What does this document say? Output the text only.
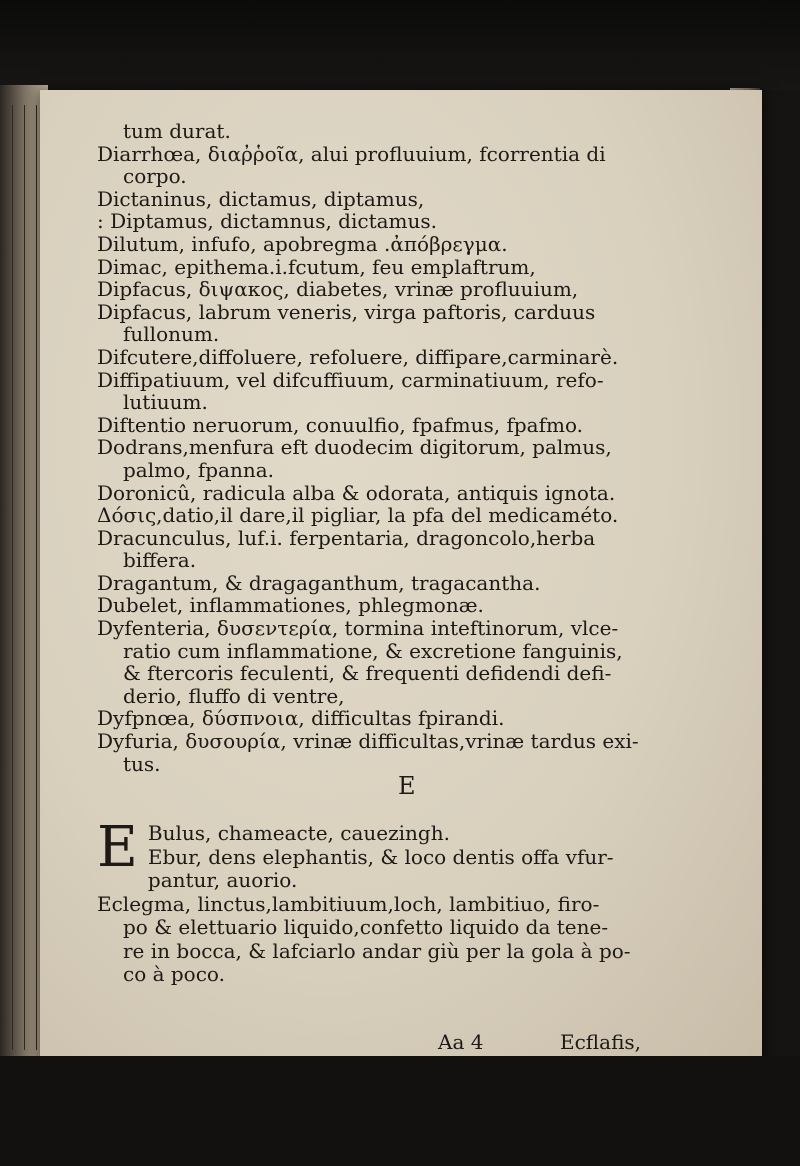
tum durat.
Diarrhœa, διαῤῥοῖα, alui profluuium, fcorrentia di
corpo.
Dictaninus, dictamus, diptamus,
: Diptamus, dictamnus, dictamus.
Dilutum, infufo, apobregma .ἀπόβρεγμα.
Dimac, epithema.i.fcutum, feu emplaftrum,
Dipfacus, διψακος, diabetes, vrinæ profluuium,
Dipfacus, labrum veneris, virga paftoris, carduus
fullonum.
Difcutere,diffoluere, refoluere, diffipare,carminarè.
Diffipatiuum, vel difcuffiuum, carminatiuum, refo-
lutiuum.
Diftentio neruorum, conuulfio, fpafmus, fpafmo.
Dodrans,menfura eft duodecim digitorum, palmus,
palmo, fpanna.
Doronicû, radicula alba & odorata, antiquis ignota.
Δόσις,datio,il dare,il pigliar, la pfa del medicaméto.
Dracunculus, luf.i. ferpentaria, dragoncolo,herba
biffera.
Dragantum, & dragaganthum, tragacantha.
Dubelet, inflammationes, phlegmonæ.
Dyfenteria, δυσεντερία, tormina inteftinorum, vlce-
ratio cum inflammatione, & excretione fanguinis,
& ftercoris feculenti, & frequenti defidendi defi-
derio, fluffo di ventre,
Dyfpnœa, δύσπνοια, difficultas fpirandi.
Dyfuria, δυσουρία, vrinæ difficultas,vrinæ tardus exi-
tus.
E
E Bulus, chameacte, cauezingh.
Ebur, dens elephantis, & loco dentis offa vfur-
pantur, auorio.
Eclegma, linctus,lambitiuum,loch, lambitiuo, firo-
po & elettuario liquido,confetto liquido da tene-
re in bocca, & lafciarlo andar giù per la gola à po-
co à poco.
Aa 4	Ecflafis,
